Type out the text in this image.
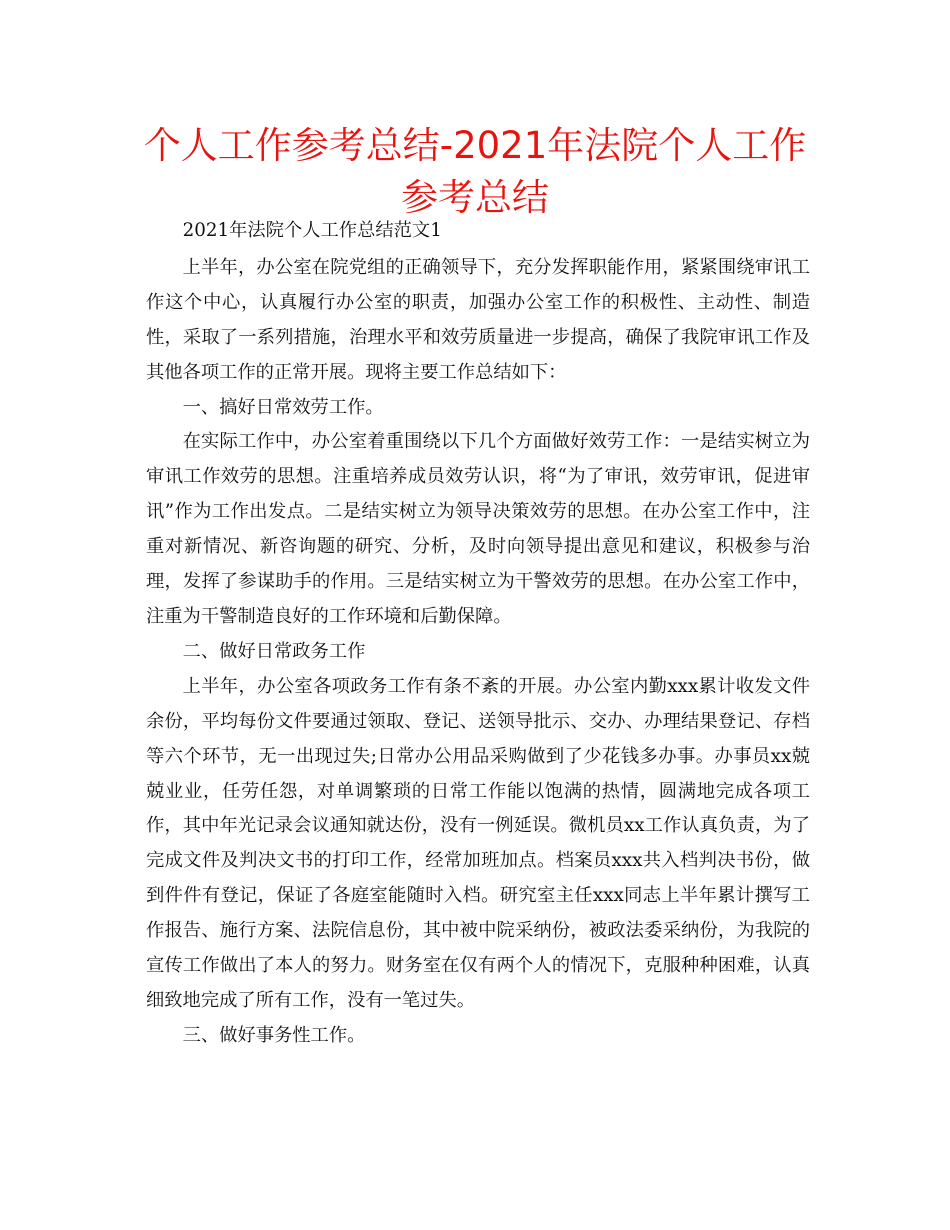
个人工作参考总结-2021年法院个人工作参考总结

2021年法院个人工作总结范文1

上半年，办公室在院党组的正确领导下，充分发挥职能作用，紧紧围绕审讯工作这个中心，认真履行办公室的职责，加强办公室工作的积极性、主动性、制造性，采取了一系列措施，治理水平和效劳质量进一步提高，确保了我院审讯工作及其他各项工作的正常开展。现将主要工作总结如下：

一、搞好日常效劳工作。

在实际工作中，办公室着重围绕以下几个方面做好效劳工作：一是结实树立为审讯工作效劳的思想。注重培养成员效劳认识，将“为了审讯，效劳审讯，促进审讯”作为工作出发点。二是结实树立为领导决策效劳的思想。在办公室工作中，注重对新情况、新咨询题的研究、分析，及时向领导提出意见和建议，积极参与治理，发挥了参谋助手的作用。三是结实树立为干警效劳的思想。在办公室工作中，注重为干警制造良好的工作环境和后勤保障。

二、做好日常政务工作

上半年，办公室各项政务工作有条不紊的开展。办公室内勤xxx累计收发文件余份，平均每份文件要通过领取、登记、送领导批示、交办、办理结果登记、存档等六个环节，无一出现过失;日常办公用品采购做到了少花钱多办事。办事员xx兢兢业业，任劳任怨，对单调繁琐的日常工作能以饱满的热情，圆满地完成各项工作，其中年光记录会议通知就达份，没有一例延误。微机员xx工作认真负责，为了完成文件及判决文书的打印工作，经常加班加点。档案员xxx共入档判决书份，做到件件有登记，保证了各庭室能随时入档。研究室主任xxx同志上半年累计撰写工作报告、施行方案、法院信息份，其中被中院采纳份，被政法委采纳份，为我院的宣传工作做出了本人的努力。财务室在仅有两个人的情况下，克服种种困难，认真细致地完成了所有工作，没有一笔过失。

三、做好事务性工作。
